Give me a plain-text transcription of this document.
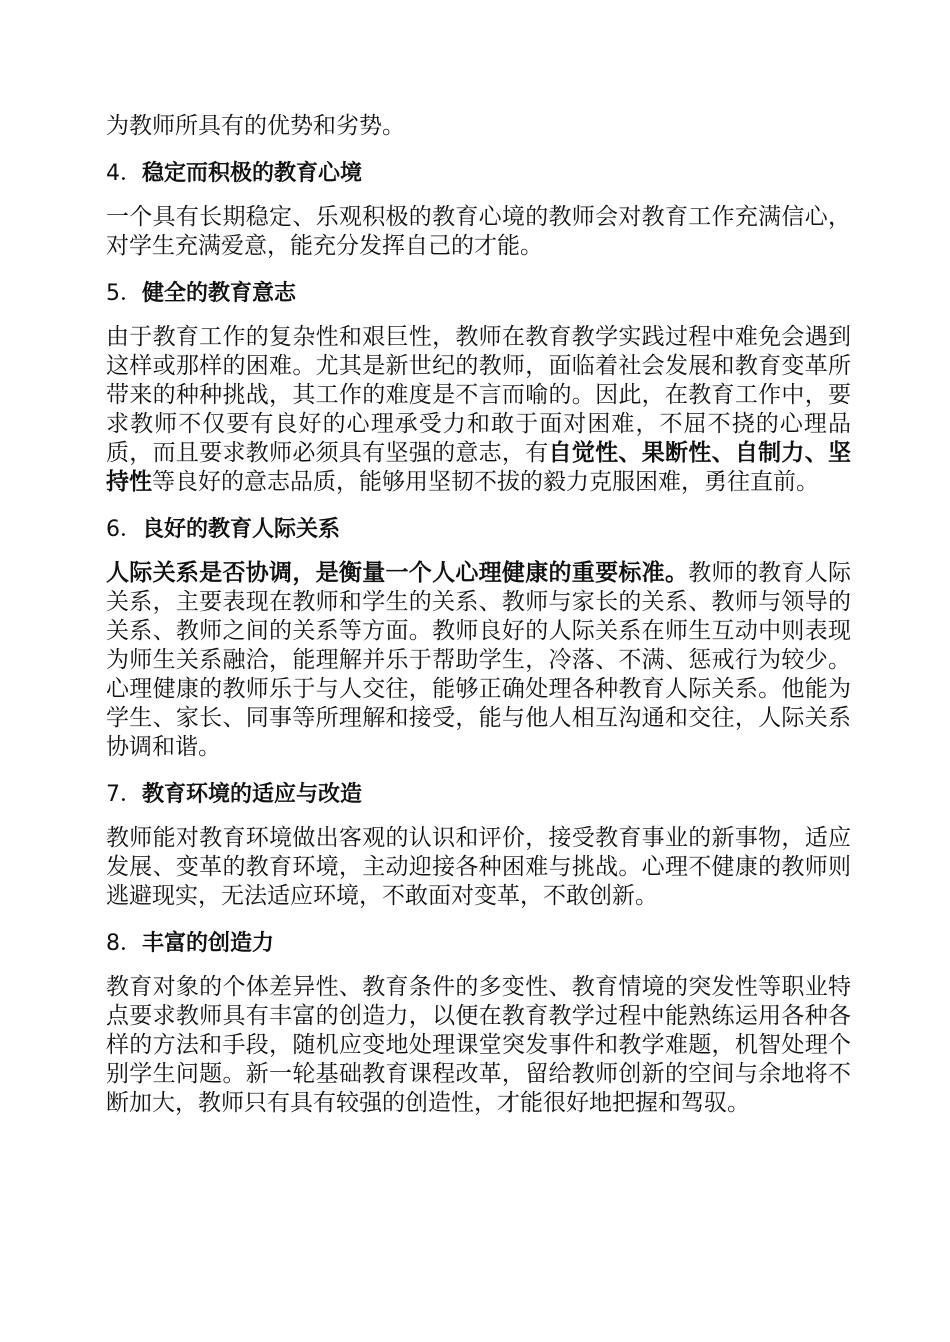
为教师所具有的优势和劣势。

4．稳定而积极的教育心境

一个具有长期稳定、乐观积极的教育心境的教师会对教育工作充满信心，对学生充满爱意，能充分发挥自己的才能。

5．健全的教育意志

由于教育工作的复杂性和艰巨性，教师在教育教学实践过程中难免会遇到这样或那样的困难。尤其是新世纪的教师，面临着社会发展和教育变革所带来的种种挑战，其工作的难度是不言而喻的。因此，在教育工作中，要求教师不仅要有良好的心理承受力和敢于面对困难，不屈不挠的心理品质，而且要求教师必须具有坚强的意志，有自觉性、果断性、自制力、坚持性等良好的意志品质，能够用坚韧不拔的毅力克服困难，勇往直前。

6．良好的教育人际关系

人际关系是否协调，是衡量一个人心理健康的重要标准。教师的教育人际关系，主要表现在教师和学生的关系、教师与家长的关系、教师与领导的关系、教师之间的关系等方面。教师良好的人际关系在师生互动中则表现为师生关系融洽，能理解并乐于帮助学生，冷落、不满、惩戒行为较少。心理健康的教师乐于与人交往，能够正确处理各种教育人际关系。他能为学生、家长、同事等所理解和接受，能与他人相互沟通和交往，人际关系协调和谐。

7．教育环境的适应与改造

教师能对教育环境做出客观的认识和评价，接受教育事业的新事物，适应发展、变革的教育环境，主动迎接各种困难与挑战。心理不健康的教师则逃避现实，无法适应环境，不敢面对变革，不敢创新。

8．丰富的创造力

教育对象的个体差异性、教育条件的多变性、教育情境的突发性等职业特点要求教师具有丰富的创造力，以便在教育教学过程中能熟练运用各种各样的方法和手段，随机应变地处理课堂突发事件和教学难题，机智处理个别学生问题。新一轮基础教育课程改革，留给教师创新的空间与余地将不断加大，教师只有具有较强的创造性，才能很好地把握和驾驭。
